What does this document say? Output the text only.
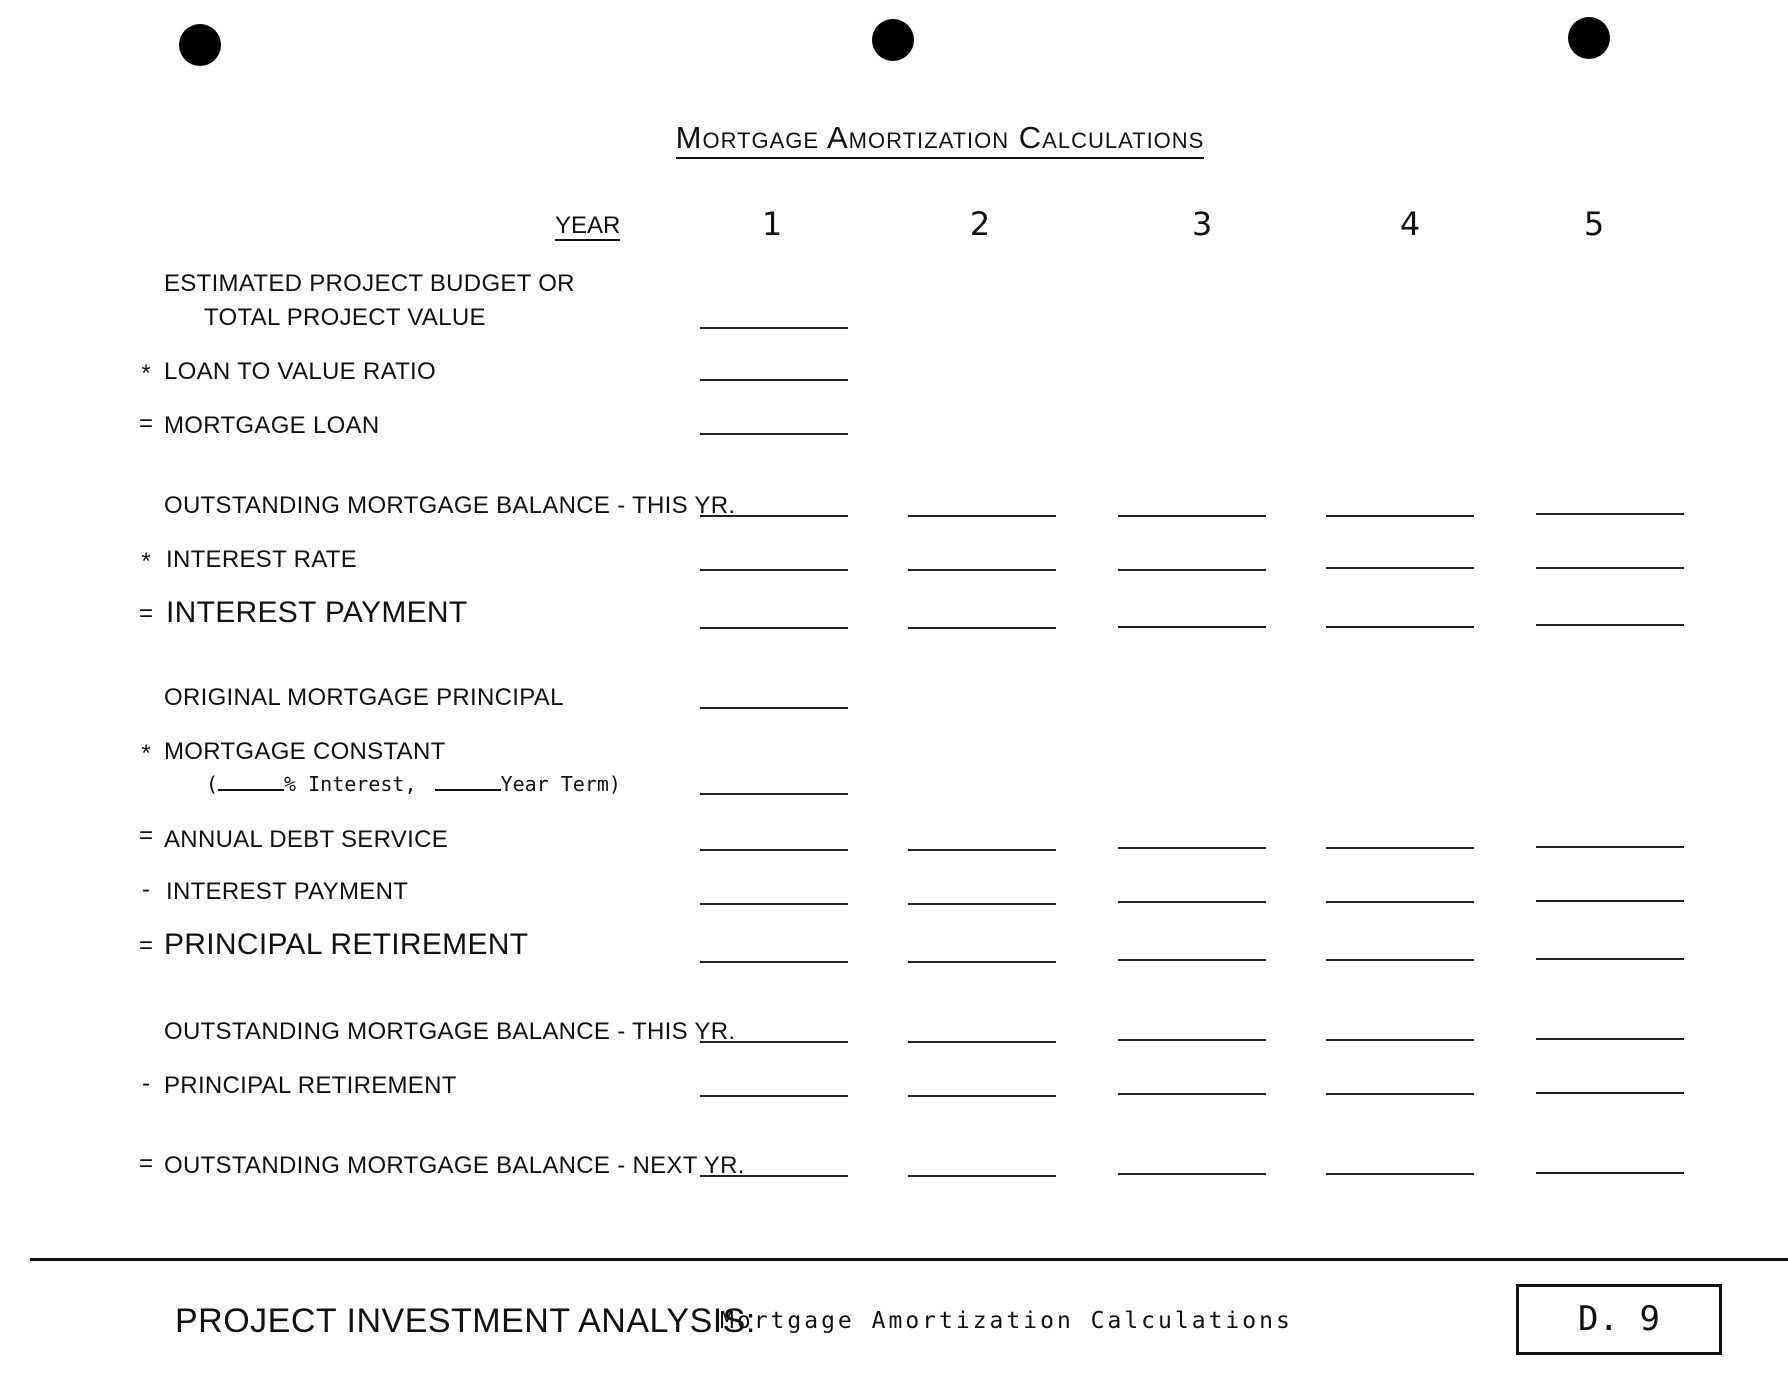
Mortgage Amortization Calculations
YEAR	1	2	3	4	5
ESTIMATED PROJECT BUDGET OR
TOTAL PROJECT VALUE
* LOAN TO VALUE RATIO
= MORTGAGE LOAN
OUTSTANDING MORTGAGE BALANCE - THIS YR.
* INTEREST RATE
= INTEREST PAYMENT
ORIGINAL MORTGAGE PRINCIPAL
* MORTGAGE CONSTANT
(	% Interest,	Year Term)
= ANNUAL DEBT SERVICE
- INTEREST PAYMENT
= PRINCIPAL RETIREMENT
OUTSTANDING MORTGAGE BALANCE - THIS YR.
- PRINCIPAL RETIREMENT
= OUTSTANDING MORTGAGE BALANCE - NEXT YR.
PROJECT INVESTMENT ANALYSIS:
Mortgage Amortization Calculations	D. 9
